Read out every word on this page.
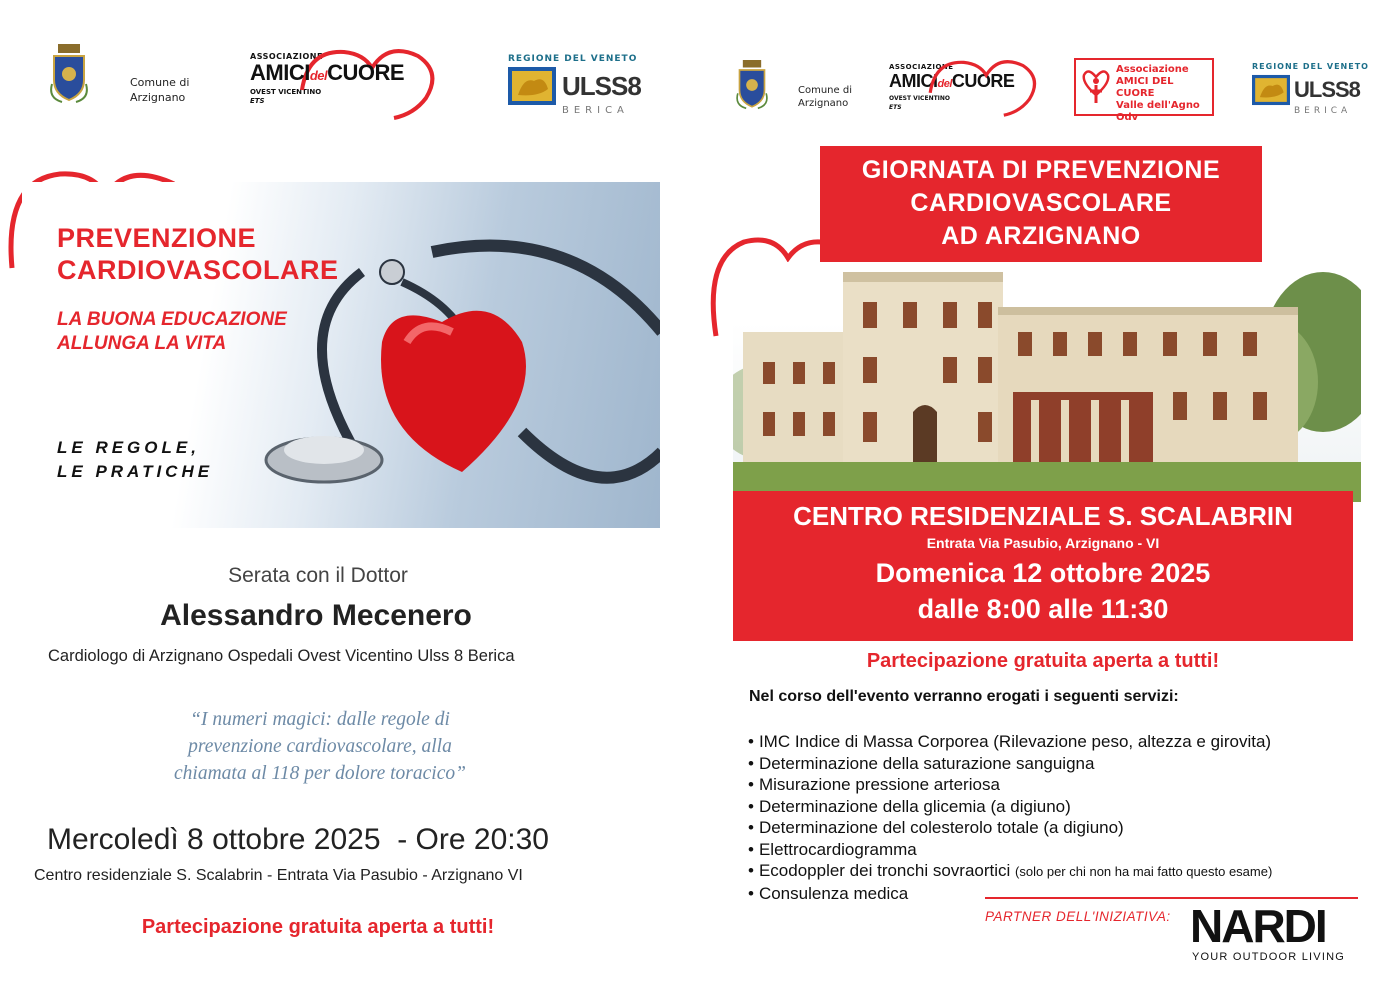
Comune di
Arzignano
ASSOCIAZIONE
AMICIdelCUORE
OVEST VICENTINO
ETS
REGIONE DEL VENETO
ULSS8
BERICA
PREVENZIONE
CARDIOVASCOLARE
LA BUONA EDUCAZIONE
ALLUNGA LA VITA
LE REGOLE,
LE PRATICHE
Serata con il Dottor
Alessandro Mecenero
Cardiologo di Arzignano Ospedali Ovest Vicentino Ulss 8 Berica
“I numeri magici: dalle regole di
prevenzione cardiovascolare, alla
chiamata al 118 per dolore toracico”
Mercoledì 8 ottobre 2025  - Ore 20:30
Centro residenziale S. Scalabrin - Entrata Via Pasubio - Arzignano VI
Partecipazione gratuita aperta a tutti!
Comune di
Arzignano
ASSOCIAZIONE
AMICIdelCUORE
OVEST VICENTINO
ETS
Associazione
AMICI DEL CUORE
Valle dell'Agno Odv
REGIONE DEL VENETO
ULSS8
BERICA
GIORNATA DI PREVENZIONE
CARDIOVASCOLARE
AD ARZIGNANO
CENTRO RESIDENZIALE S. SCALABRIN
Entrata Via Pasubio, Arzignano - VI
Domenica 12 ottobre 2025
dalle 8:00 alle 11:30
Partecipazione gratuita aperta a tutti!
Nel corso dell'evento verranno erogati i seguenti servizi:
• IMC Indice di Massa Corporea (Rilevazione peso, altezza e girovita)
• Determinazione della saturazione sanguigna
• Misurazione pressione arteriosa
• Determinazione della glicemia (a digiuno)
• Determinazione del colesterolo totale (a digiuno)
• Elettrocardiogramma
• Ecodoppler dei tronchi sovraortici (solo per chi non ha mai fatto questo esame)
• Consulenza medica
PARTNER DELL'INIZIATIVA: NARDI
YOUR OUTDOOR LIVING
